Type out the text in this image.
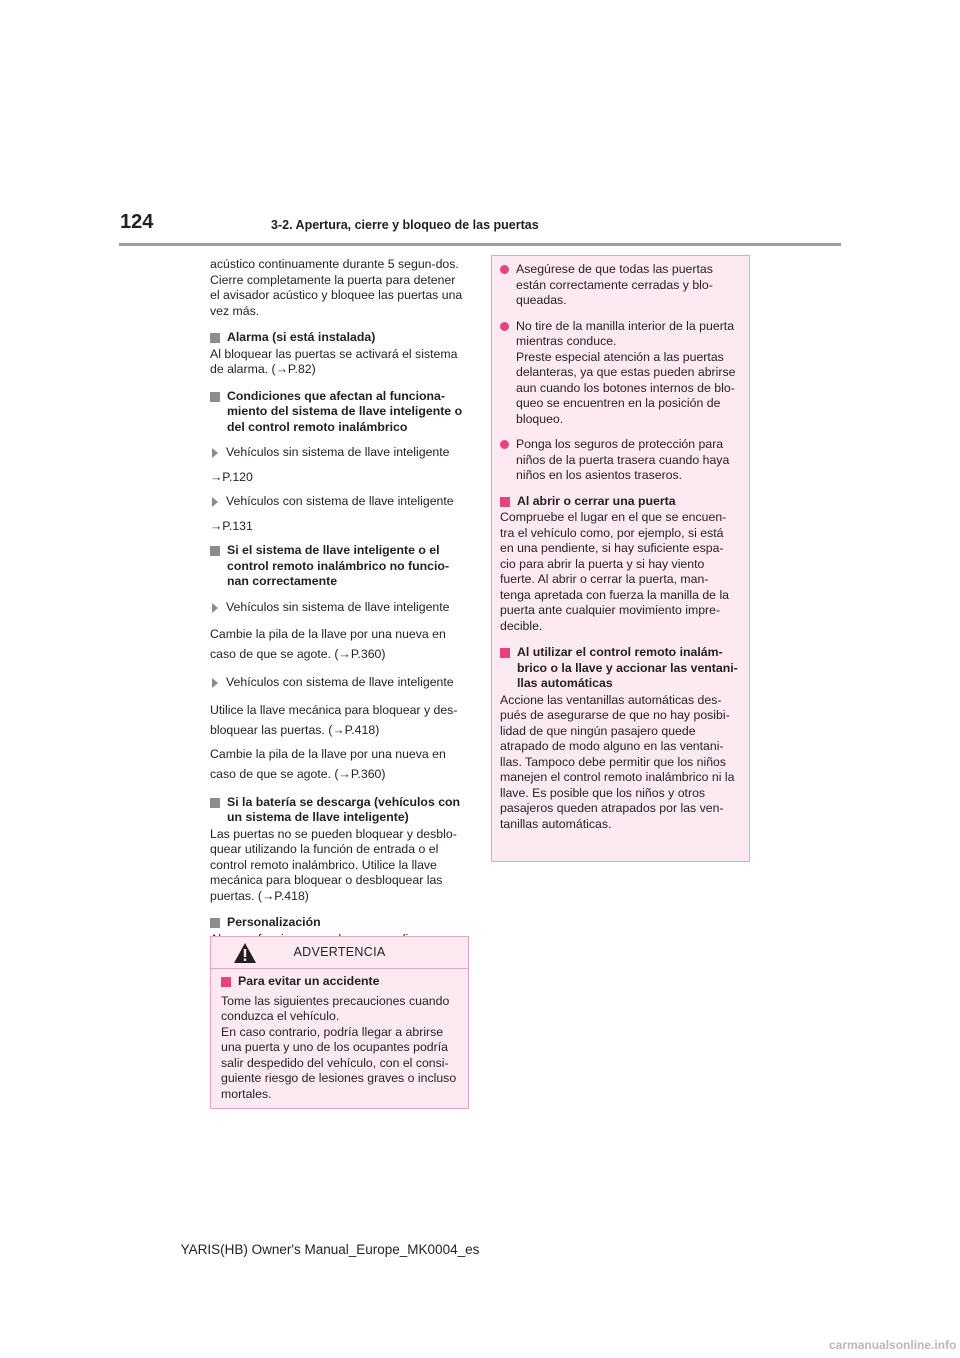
124	3-2. Apertura, cierre y bloqueo de las puertas

acústico continuamente durante 5 segun-dos. Cierre completamente la puerta para detener el avisador acústico y bloquee las puertas una vez más.

Alarma (si está instalada)

Al bloquear las puertas se activará el sistema de alarma. (→P.82)

Condiciones que afectan al funciona-miento del sistema de llave inteligente o del control remoto inalámbrico
Vehículos sin sistema de llave inteligente

→P.120

Vehículos con sistema de llave inteligente

→P.131

Si el sistema de llave inteligente o el control remoto inalámbrico no funcio-nan correctamente
Vehículos sin sistema de llave inteligente

Cambie la pila de la llave por una nueva en caso de que se agote. (→P.360)

Vehículos con sistema de llave inteligente

Utilice la llave mecánica para bloquear y des-bloquear las puertas. (→P.418)

Cambie la pila de la llave por una nueva en caso de que se agote. (→P.360)

Si la batería se descarga (vehículos con un sistema de llave inteligente)

Las puertas no se pueden bloquear y desblo-quear utilizando la función de entrada o el control remoto inalámbrico. Utilice la llave mecánica para bloquear o desbloquear las puertas. (→P.418)

Personalización

ADVERTENCIA
Para evitar un accidente

Tome las siguientes precauciones cuando conduzca el vehículo.

En caso contrario, podría llegar a abrirse una puerta y uno de los ocupantes podría salir despedido del vehículo, con el consi-guiente riesgo de lesiones graves o incluso mortales.

Asegúrese de que todas las puertas están correctamente cerradas y blo-queadas.

No tire de la manilla interior de la puerta mientras conduce.

Preste especial atención a las puertas delanteras, ya que estas pueden abrirse aun cuando los botones internos de blo-queo se encuentren en la posición de bloqueo.

Ponga los seguros de protección para niños de la puerta trasera cuando haya niños en los asientos traseros.
Al abrir o cerrar una puerta

Compruebe el lugar en el que se encuen-tra el vehículo como, por ejemplo, si está en una pendiente, si hay suficiente espa-cio para abrir la puerta y si hay viento fuerte. Al abrir o cerrar la puerta, man-tenga apretada con fuerza la manilla de la puerta ante cualquier movimiento impre-decible.

Al utilizar el control remoto inalám-brico o la llave y accionar las ventani-llas automáticas

Accione las ventanillas automáticas des-pués de asegurarse de que no hay posibi-lidad de que ningún pasajero quede atrapado de modo alguno en las ventani-llas. Tampoco debe permitir que los niños manejen el control remoto inalámbrico ni la llave. Es posible que los niños y otros pasajeros queden atrapados por las ven-tanillas automáticas.

YARIS(HB) Owner's Manual_Europe_MK0004_es

carmanualsonline.info
